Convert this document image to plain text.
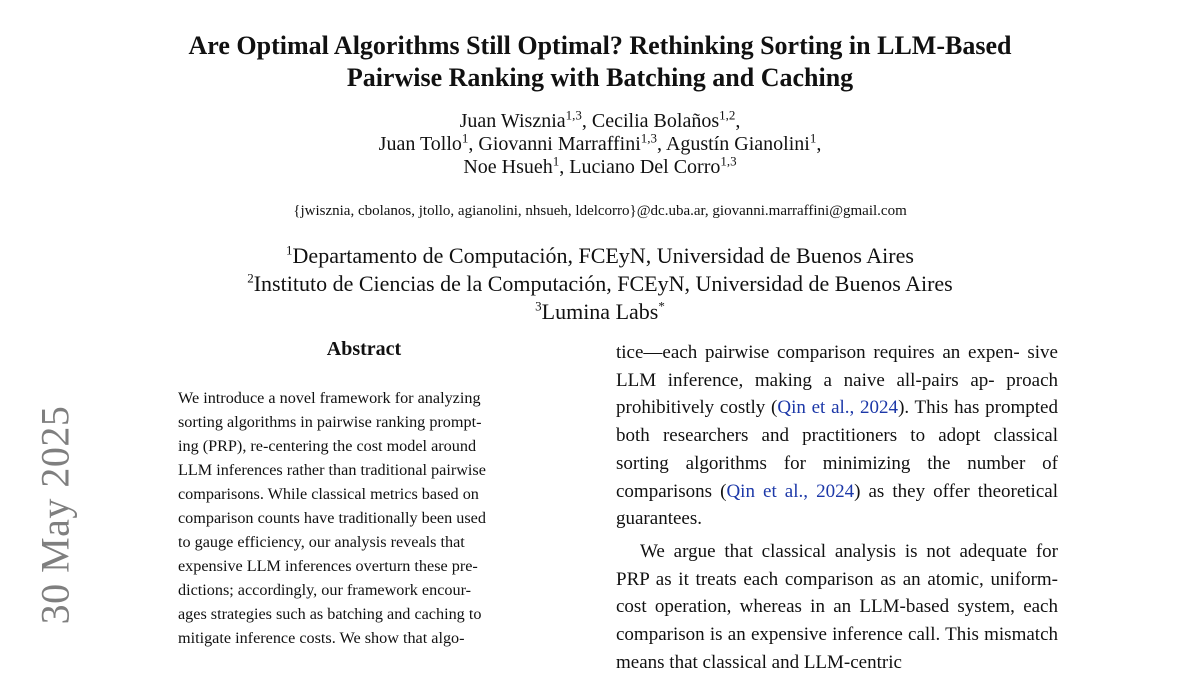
30 May 2025
Are Optimal Algorithms Still Optimal? Rethinking Sorting in LLM-Based
Pairwise Ranking with Batching and Caching
Juan Wisznia$^{1,3}$, Cecilia Bolaños$^{1,2}$,
Juan Tollo$^1$, Giovanni Marraffini$^{1,3}$, Agustín Gianolini$^1$,
Noe Hsueh$^1$, Luciano Del Corro$^{1,3}$
{jwisznia, cbolanos, jtollo, agianolini, nhsueh, ldelcorro}@dc.uba.ar, giovanni.marraffini@gmail.com
$^1$Departamento de Computación, FCEyN, Universidad de Buenos Aires
$^2$Instituto de Ciencias de la Computación, FCEyN, Universidad de Buenos Aires
$^3$Lumina Labs*
Abstract
We introduce a novel framework for analyzing
sorting algorithms in pairwise ranking prompt-
ing (PRP), re-centering the cost model around
LLM inferences rather than traditional pairwise
comparisons. While classical metrics based on
comparison counts have traditionally been used
to gauge efficiency, our analysis reveals that
expensive LLM inferences overturn these pre-
dictions; accordingly, our framework encour-
ages strategies such as batching and caching to
mitigate inference costs. We show that algo-

tice—each pairwise comparison requires an expen- sive LLM inference, making a naive all-pairs ap- proach prohibitively costly (Qin et al., 2024). This has prompted both researchers and practitioners to adopt classical sorting algorithms for minimizing the number of comparisons (Qin et al., 2024) as they offer theoretical guarantees.

We argue that classical analysis is not adequate for PRP as it treats each comparison as an atomic, uniform-cost operation, whereas in an LLM-based system, each comparison is an expensive inference call. This mismatch means that classical and LLM-centric
